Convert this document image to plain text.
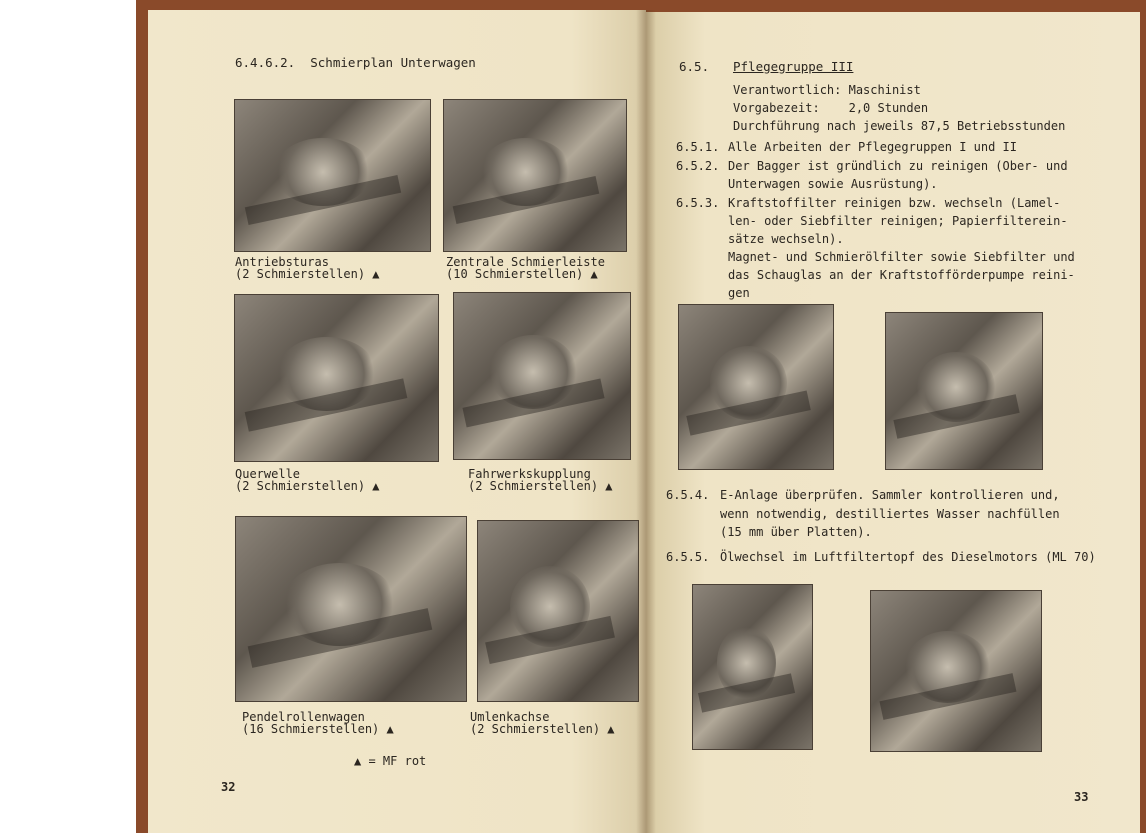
6.4.6.2.  Schmierplan Unterwagen
Antriebsturas
(2 Schmierstellen) ▲
Zentrale Schmierleiste
(10 Schmierstellen) ▲
Querwelle
(2 Schmierstellen) ▲
Fahrwerkskupplung
(2 Schmierstellen) ▲
Pendelrollenwagen
(16 Schmierstellen) ▲
Umlenkachse
(2 Schmierstellen) ▲
▲ = MF rot
32
6.5. Pflegegruppe III
Verantwortlich: Maschinist
Vorgabezeit:    2,0 Stunden
Durchführung nach jeweils 87,5 Betriebsstunden
6.5.1. Alle Arbeiten der Pflegegruppen I und II
6.5.2. Der Bagger ist gründlich zu reinigen (Ober- und
Unterwagen sowie Ausrüstung).
6.5.3. Kraftstoffilter reinigen bzw. wechseln (Lamel-
len- oder Siebfilter reinigen; Papierfilterein-
sätze wechseln).
Magnet- und Schmierölfilter sowie Siebfilter und
das Schauglas an der Kraftstofförderpumpe reini-
gen
6.5.4. E-Anlage überprüfen. Sammler kontrollieren und,
wenn notwendig, destilliertes Wasser nachfüllen
(15 mm über Platten).
6.5.5. Ölwechsel im Luftfiltertopf des Dieselmotors (ML 70)
33
